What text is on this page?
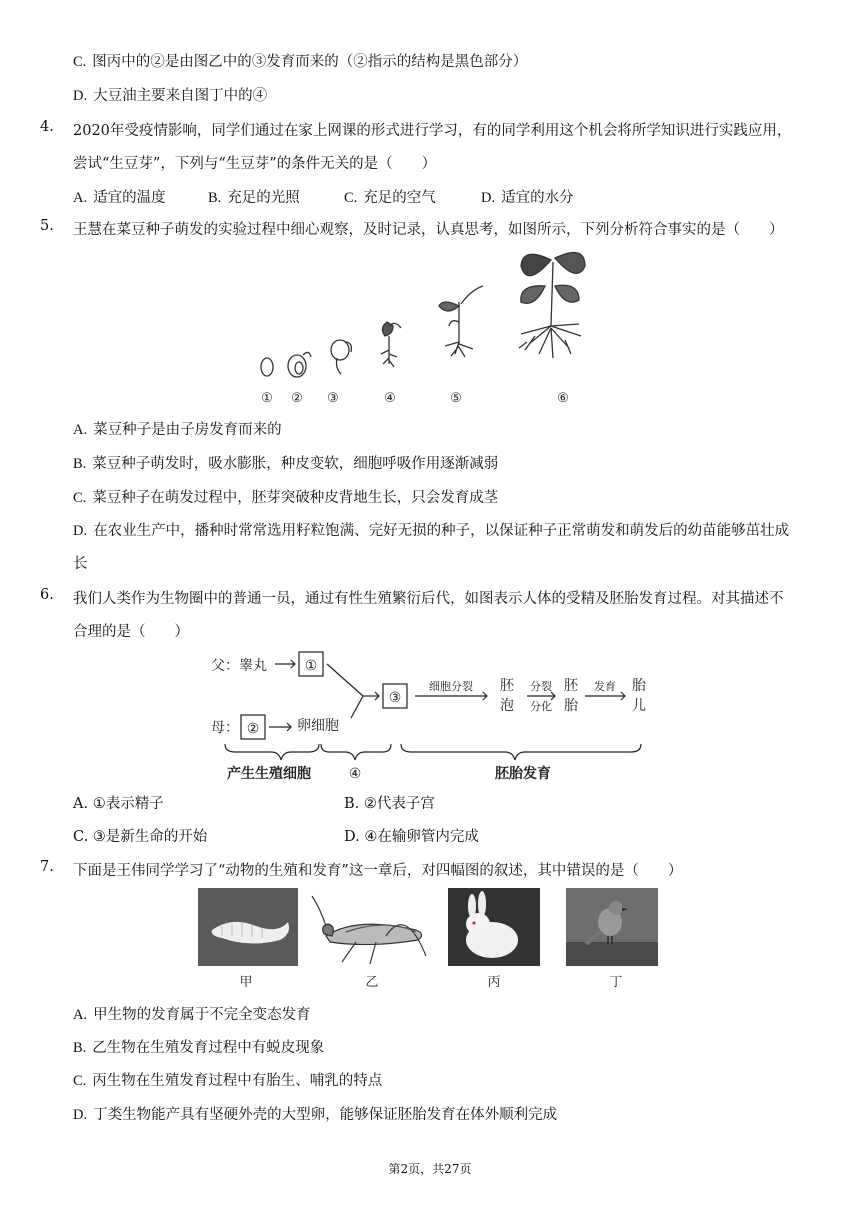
C. 图丙中的②是由图乙中的③发育而来的（②指示的结构是黑色部分）
D. 大豆油主要来自图丁中的④
4. 2020年受疫情影响，同学们通过在家上网课的形式进行学习，有的同学利用这个机会将所学知识进行实践应用，
尝试“生豆芽”，下列与“生豆芽”的条件无关的是（　　）
A. 适宜的温度	B. 充足的光照	C. 充足的空气	D. 适宜的水分
5. 王慧在菜豆种子萌发的实验过程中细心观察，及时记录，认真思考，如图所示，下列分析符合事实的是（　　）
① ② ③	④	⑤	⑥
A. 菜豆种子是由子房发育而来的
B. 菜豆种子萌发时，吸水膨胀，种皮变软，细胞呼吸作用逐渐减弱
C. 菜豆种子在萌发过程中，胚芽突破种皮背地生长，只会发育成茎
D. 在农业生产中，播种时常常选用籽粒饱满、完好无损的种子，以保证种子正常萌发和萌发后的幼苗能够茁壮成
长
6. 我们人类作为生物圈中的普通一员，通过有性生殖繁衍后代，如图表示人体的受精及胚胎发育过程。对其描述不
合理的是（　　）
父：睾丸
母：	卵细胞
①
②
③
细胞分裂	分裂
分化
发育
胚
泡
胚
胎
胎
儿
产生生殖细胞	④	胚胎发育
A. ①表示精子	B. ②代表子宫
C. ③是新生命的开始	D. ④在输卵管内完成
7. 下面是王伟同学学习了“动物的生殖和发育”这一章后，对四幅图的叙述，其中错误的是（　　）
甲	乙	丙	丁
A. 甲生物的发育属于不完全变态发育
B. 乙生物在生殖发育过程中有蜕皮现象
C. 丙生物在生殖发育过程中有胎生、哺乳的特点
D. 丁类生物能产具有坚硬外壳的大型卵，能够保证胚胎发育在体外顺利完成
第2页，共27页
